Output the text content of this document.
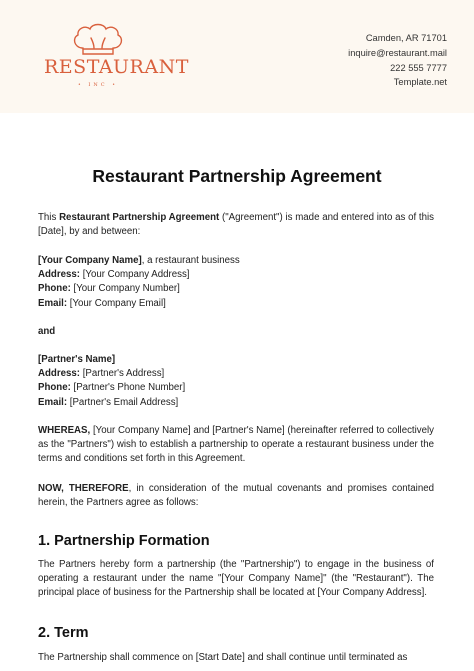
RESTAURANT
• INC •
Camden, AR 71701
inquire@restaurant.mail
222 555 7777
Template.net
Restaurant Partnership Agreement
This Restaurant Partnership Agreement ("Agreement") is made and entered into as of this [Date], by and between:
[Your Company Name], a restaurant business
Address: [Your Company Address]
Phone: [Your Company Number]
Email: [Your Company Email]
and
[Partner's Name]
Address: [Partner's Address]
Phone: [Partner's Phone Number]
Email: [Partner's Email Address]
WHEREAS, [Your Company Name] and [Partner's Name] (hereinafter referred to collectively as the "Partners") wish to establish a partnership to operate a restaurant business under the terms and conditions set forth in this Agreement.
NOW, THEREFORE, in consideration of the mutual covenants and promises contained herein, the Partners agree as follows:
1. Partnership Formation
The Partners hereby form a partnership (the "Partnership") to engage in the business of operating a restaurant under the name "[Your Company Name]" (the "Restaurant"). The principal place of business for the Partnership shall be located at [Your Company Address].
2. Term
The Partnership shall commence on [Start Date] and shall continue until terminated as
